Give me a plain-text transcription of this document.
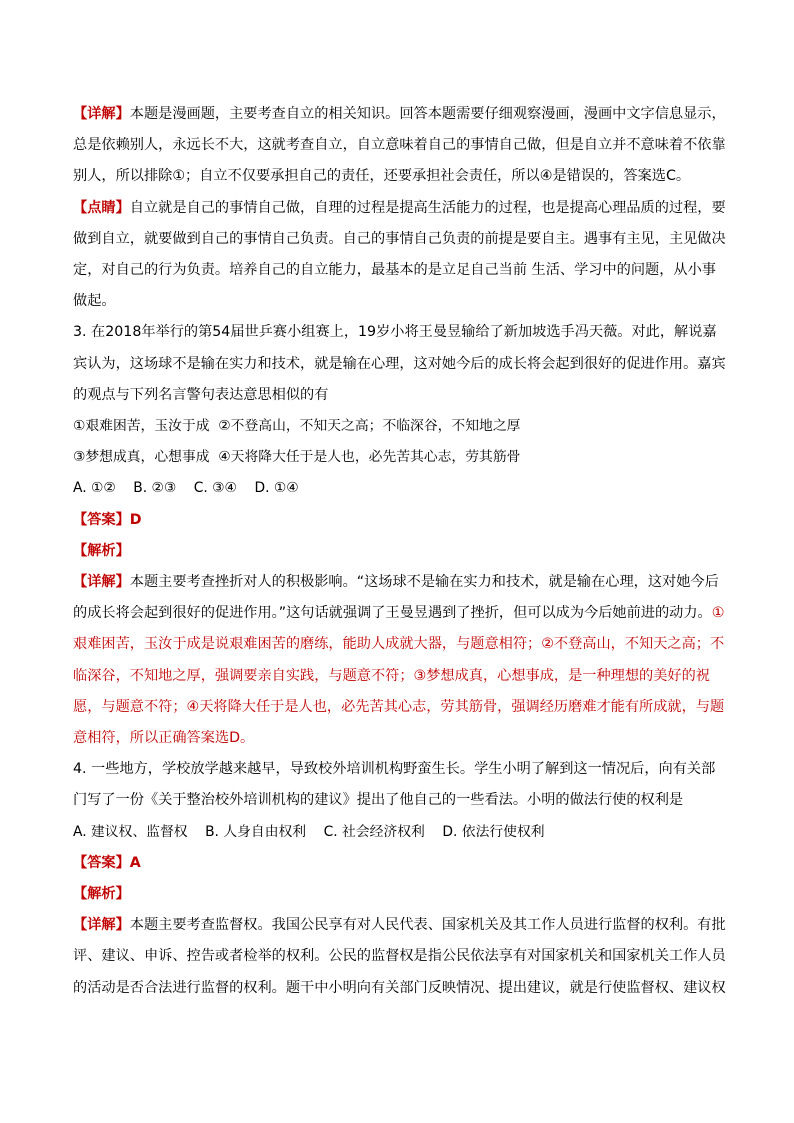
【详解】本题是漫画题，主要考查自立的相关知识。回答本题需要仔细观察漫画，漫画中文字信息显示，总是依赖别人，永远长不大，这就考查自立，自立意味着自己的事情自己做，但是自立并不意味着不依靠别人，所以排除①；自立不仅要承担自己的责任，还要承担社会责任，所以④是错误的，答案选C。

【点睛】自立就是自己的事情自己做，自理的过程是提高生活能力的过程，也是提高心理品质的过程，要做到自立，就要做到自己的事情自己负责。自己的事情自己负责的前提是要自主。遇事有主见，主见做决定，对自己的行为负责。培养自己的自立能力，最基本的是立足自己当前 生活、学习中的问题，从小事做起。

3. 在2018年举行的第54届世乒赛小组赛上，19岁小将王曼昱输给了新加坡选手冯天薇。对此，解说嘉宾认为，这场球不是输在实力和技术，就是输在心理，这对她今后的成长将会起到很好的促进作用。嘉宾的观点与下列名言警句表达意思相似的有

①艰难困苦，玉汝于成  ②不登高山，不知天之高；不临深谷，不知地之厚

③梦想成真，心想事成  ④天将降大任于是人也，必先苦其心志，劳其筋骨

A. ①②    B. ②③    C. ③④    D. ①④

【答案】D

【解析】

【详解】本题主要考查挫折对人的积极影响。“这场球不是输在实力和技术，就是输在心理，这对她今后的成长将会起到很好的促进作用。”这句话就强调了王曼昱遇到了挫折，但可以成为今后她前进的动力。①艰难困苦，玉汝于成是说艰难困苦的磨练，能助人成就大器，与题意相符；②不登高山，不知天之高；不临深谷，不知地之厚，强调要亲自实践，与题意不符；③梦想成真，心想事成，是一种理想的美好的祝愿，与题意不符；④天将降大任于是人也，必先苦其心志，劳其筋骨，强调经历磨难才能有所成就，与题意相符，所以正确答案选D。

4. 一些地方，学校放学越来越早，导致校外培训机构野蛮生长。学生小明了解到这一情况后，向有关部门写了一份《关于整治校外培训机构的建议》提出了他自己的一些看法。小明的做法行使的权利是

A. 建议权、监督权    B. 人身自由权利    C. 社会经济权利    D. 依法行使权利

【答案】A

【解析】

【详解】本题主要考查监督权。我国公民享有对人民代表、国家机关及其工作人员进行监督的权利。有批评、建议、申诉、控告或者检举的权利。公民的监督权是指公民依法享有对国家机关和国家机关工作人员的活动是否合法进行监督的权利。题干中小明向有关部门反映情况、提出建议，就是行使监督权、建议权
